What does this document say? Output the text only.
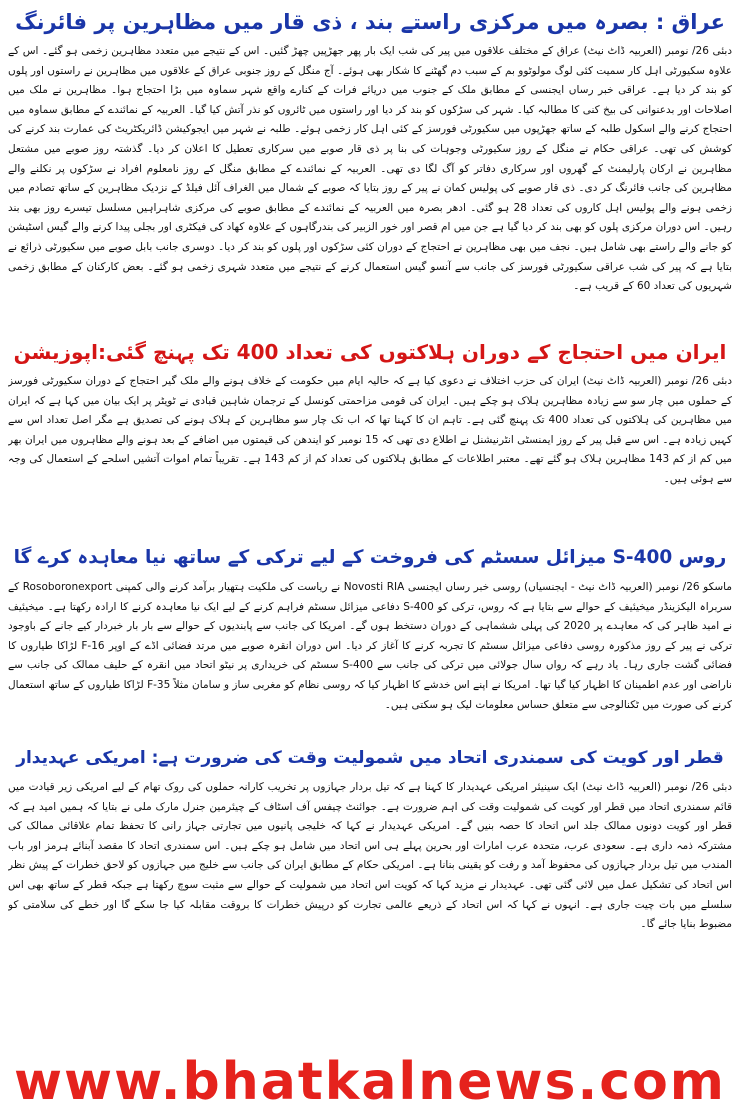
عراق : بصرہ میں مرکزی راستے بند ، ذی قار میں مظاہرین پر فائرنگ

دبئی 26/ نومبر (العربیہ ڈاٹ نیٹ) عراق کے مختلف علاقوں میں پیر کی شب ایک بار پھر جھڑپیں چھڑ گئیں۔ اس کے نتیجے میں متعدد مظاہرین زخمی ہو گئے۔ اس کے علاوہ سکیورٹی اہل کار سمیت کئی لوگ مولوٹوو بم کے سبب دم گھٹنے کا شکار بھی ہوئے۔ آج منگل کے روز جنوبی عراق کے علاقوں میں مظاہرین نے راستوں اور پلوں کو بند کر دیا ہے۔ عراقی خبر رساں ایجنسی کے مطابق ملک کے جنوب میں دریائے فرات کے کنارے واقع شہر سماوہ میں بڑا احتجاج ہوا۔ مظاہرین نے ملک میں اصلاحات اور بدعنوانی کی بیخ کنی کا مطالبہ کیا۔ شہر کی سڑکوں کو بند کر دیا اور راستوں میں ٹائروں کو نذر آتش کیا گیا۔ العربیہ کے نمائندے کے مطابق سماوہ میں احتجاج کرنے والے اسکول طلبہ کے ساتھ جھڑپوں میں سکیورٹی فورسز کے کئی اہل کار زخمی ہوئے۔ طلبہ نے شہر میں ایجوکیشن ڈائریکٹریٹ کی عمارت بند کرنے کی کوشش کی تھی۔ عراقی حکام نے منگل کے روز سکیورٹی وجوہات کی بنا پر ذی قار صوبے میں سرکاری تعطیل کا اعلان کر دیا۔ گذشتہ روز صوبے میں مشتعل مظاہرین نے ارکان پارلیمنٹ کے گھروں اور سرکاری دفاتر کو آگ لگا دی تھی۔ العربیہ کے نمائندے کے مطابق منگل کے روز نامعلوم افراد نے سڑکوں پر نکلنے والے مظاہرین کی جانب فائرنگ کر دی۔ ذی قار صوبے کی پولیس کمان نے پیر کے روز بتایا کہ صوبے کے شمال میں الغراف آئل فیلڈ کے نزدیک مظاہرین کے ساتھ تصادم میں زخمی ہونے والے پولیس اہل کاروں کی تعداد 28 ہو گئی۔ ادھر بصرہ میں العربیہ کے نمائندے کے مطابق صوبے کی مرکزی شاہراہیں مسلسل تیسرے روز بھی بند رہیں۔ اس دوران مرکزی پلوں کو بھی بند کر دیا گیا ہے جن میں ام قصر اور خور الزبیر کی بندرگاہوں کے علاوہ کھاد کی فیکٹری اور بجلی پیدا کرنے والے گیس اسٹیشن کو جانے والے راستے بھی شامل ہیں۔ نجف میں بھی مظاہرین نے احتجاج کے دوران کئی سڑکوں اور پلوں کو بند کر دیا۔ دوسری جانب بابل صوبے میں سکیورٹی ذرائع نے بتایا ہے کہ پیر کی شب عراقی سکیورٹی فورسز کی جانب سے آنسو گیس استعمال کرنے کے نتیجے میں متعدد شہری زخمی ہو گئے۔ بعض کارکنان کے مطابق زخمی شہریوں کی تعداد 60 کے قریب ہے۔

ایران میں احتجاج کے دوران ہلاکتوں کی تعداد 400 تک پہنچ گئی:اپوزیشن

دبئی 26/ نومبر (العربیہ ڈاٹ نیٹ) ایران کی حزب اختلاف نے دعوی کیا ہے کہ حالیہ ایام میں حکومت کے خلاف ہونے والے ملک گیر احتجاج کے دوران سکیورٹی فورسز کے حملوں میں چار سو سے زیادہ مظاہرین ہلاک ہو چکے ہیں۔ ایران کی قومی مزاحمتی کونسل کے ترجمان شاہین قبادی نے ٹویٹر پر ایک بیان میں کہا ہے کہ ایران میں مظاہرین کی ہلاکتوں کی تعداد 400 تک پہنچ گئی ہے۔ تاہم ان کا کہنا تھا کہ اب تک چار سو مظاہرین کے ہلاک ہونے کی تصدیق ہے مگر اصل تعداد اس سے کہیں زیادہ ہے۔ اس سے قبل پیر کے روز ایمنسٹی انٹرنیشنل نے اطلاع دی تھی کہ 15 نومبر کو ایندھن کی قیمتوں میں اضافے کے بعد ہونے والے مظاہروں میں ایران بھر میں کم از کم 143 مظاہرین ہلاک ہو گئے تھے۔ معتبر اطلاعات کے مطابق ہلاکتوں کی تعداد کم از کم 143 ہے۔ تقریباً تمام اموات آتشیں اسلحے کے استعمال کی وجہ سے ہوئی ہیں۔

روس S-400 میزائل سسٹم کی فروخت کے لیے ترکی کے ساتھ نیا معاہدہ کرے گا

ماسکو 26/ نومبر (العربیہ ڈاٹ نیٹ - ایجنسیاں) روسی خبر رساں ایجنسی Novosti RIA نے ریاست کی ملکیت ہتھیار برآمد کرنے والی کمپنی Rosoboronexport کے سربراہ الیکزینڈر میخیئیف کے حوالے سے بتایا ہے کہ روس، ترکی کو S-400 دفاعی میزائل سسٹم فراہم کرنے کے لیے ایک نیا معاہدہ کرنے کا ارادہ رکھتا ہے۔ میخیئیف نے امید ظاہر کی کہ معاہدے پر 2020 کی پہلی ششماہی کے دوران دستخط ہوں گے۔ امریکا کی جانب سے پابندیوں کے حوالے سے بار بار خبردار کیے جانے کے باوجود ترکی نے پیر کے روز مذکورہ روسی دفاعی میزائل سسٹم کا تجربہ کرنے کا آغاز کر دیا۔ اس دوران انقرہ صوبے میں مرتد فضائی اڈے کے اوپر F-16 لڑاکا طیاروں کا فضائی گشت جاری رہا۔ یاد رہے کہ رواں سال جولائی میں ترکی کی جانب سے S-400 سسٹم کی خریداری پر نیٹو اتحاد میں انقرہ کے حلیف ممالک کی جانب سے ناراضی اور عدم اطمینان کا اظہار کیا گیا تھا۔ امریکا نے اپنے اس خدشے کا اظہار کیا کہ روسی نظام کو مغربی ساز و سامان مثلاً F-35 لڑاکا طیاروں کے ساتھ استعمال کرنے کی صورت میں ٹکنالوجی سے متعلق حساس معلومات لیک ہو سکتی ہیں۔

قطر اور کویت کی سمندری اتحاد میں شمولیت وقت کی ضرورت ہے: امریکی عہدیدار

دبئی 26/ نومبر (العربیہ ڈاٹ نیٹ) ایک سینیئر امریکی عہدیدار کا کہنا ہے کہ تیل بردار جہازوں پر تخریب کارانہ حملوں کی روک تھام کے لیے امریکی زیر قیادت میں قائم سمندری اتحاد میں قطر اور کویت کی شمولیت وقت کی اہم ضرورت ہے۔ جوائنٹ چیفس آف اسٹاف کے چیئرمین جنرل مارک ملی نے بتایا کہ ہمیں امید ہے کہ قطر اور کویت دونوں ممالک جلد اس اتحاد کا حصہ بنیں گے۔ امریکی عہدیدار نے کہا کہ خلیجی پانیوں میں تجارتی جہاز رانی کا تحفظ تمام علاقائی ممالک کی مشترکہ ذمہ داری ہے۔ سعودی عرب، متحدہ عرب امارات اور بحرین پہلے ہی اس اتحاد میں شامل ہو چکے ہیں۔ اس سمندری اتحاد کا مقصد آبنائے ہرمز اور باب المندب میں تیل بردار جہازوں کی محفوظ آمد و رفت کو یقینی بنانا ہے۔ امریکی حکام کے مطابق ایران کی جانب سے خلیج میں جہازوں کو لاحق خطرات کے پیش نظر اس اتحاد کی تشکیل عمل میں لائی گئی تھی۔ عہدیدار نے مزید کہا کہ کویت اس اتحاد میں شمولیت کے حوالے سے مثبت سوچ رکھتا ہے جبکہ قطر کے ساتھ بھی اس سلسلے میں بات چیت جاری ہے۔ انہوں نے کہا کہ اس اتحاد کے ذریعے عالمی تجارت کو درپیش خطرات کا بروقت مقابلہ کیا جا سکے گا اور خطے کی سلامتی کو مضبوط بنایا جائے گا۔

www.bhatkalnews.com
